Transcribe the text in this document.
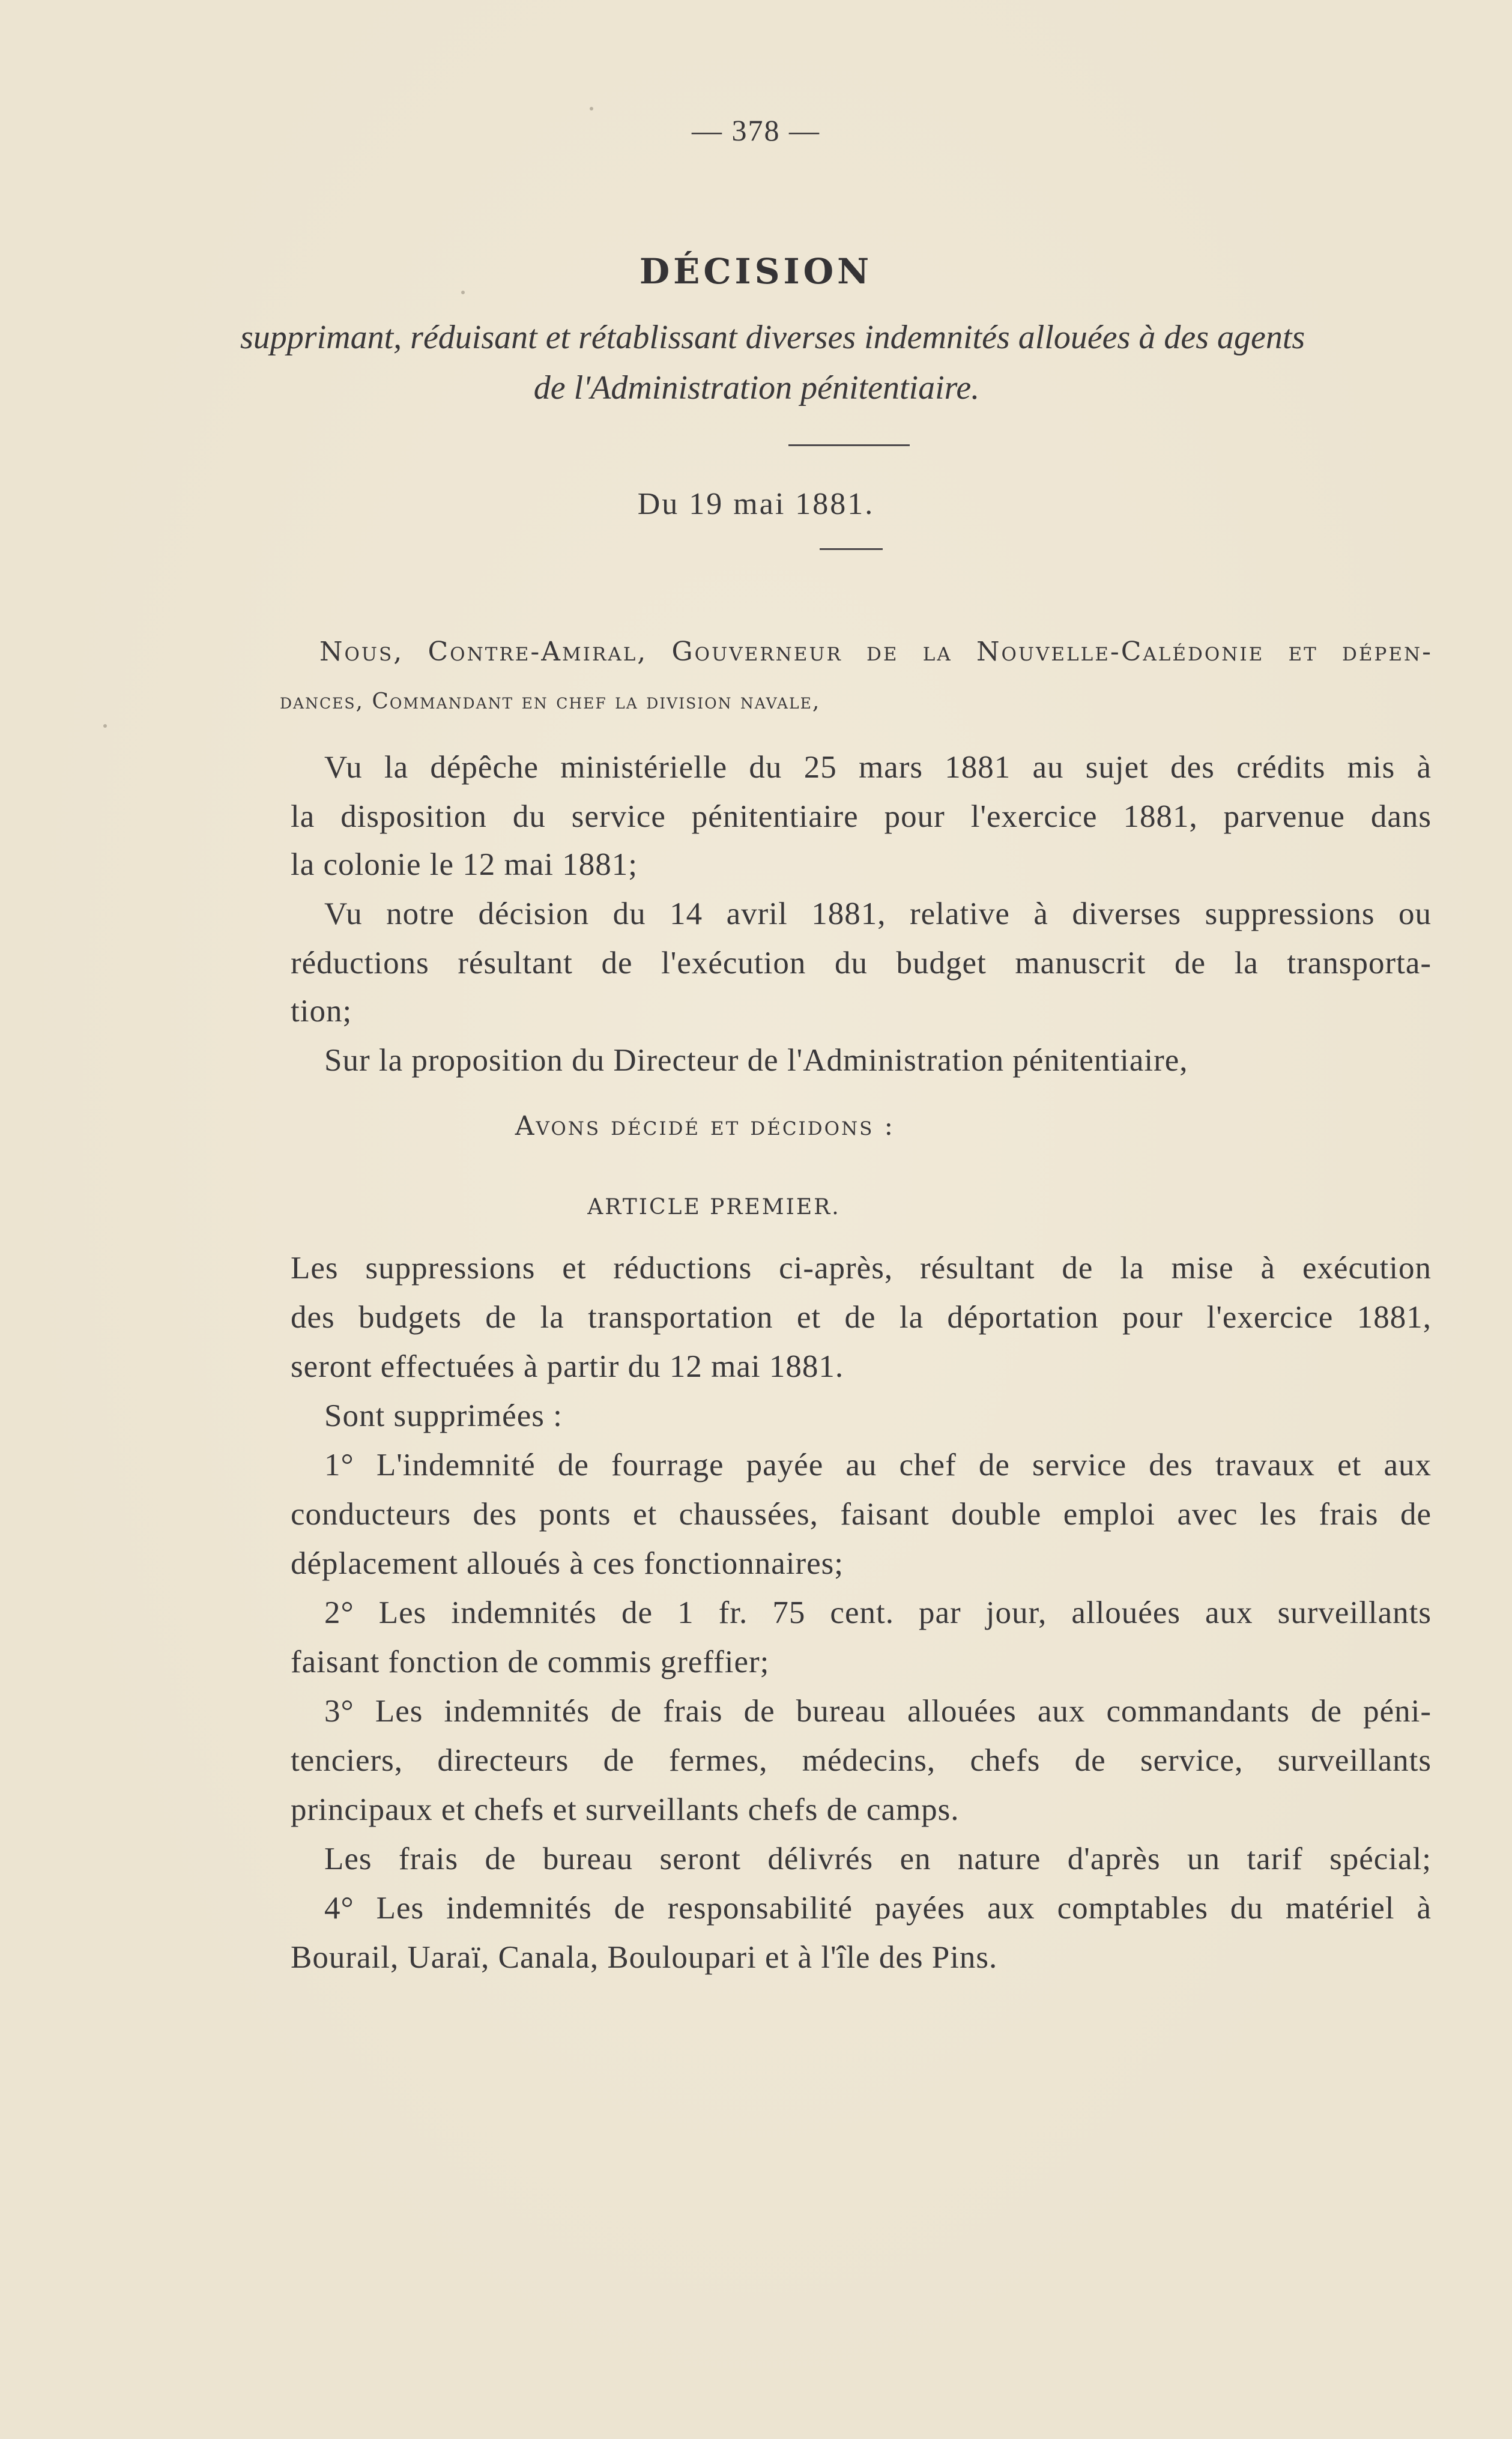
— 378 —
DÉCISION
supprimant, réduisant et rétablissant diverses indemnités allouées à des agents
de l'Administration pénitentiaire.
Du 19 mai 1881.
Nous, Contre-Amiral, Gouverneur de la Nouvelle-Calédonie et dépen-
dances, Commandant en chef la division navale,
Vu la dépêche ministérielle du 25 mars 1881 au sujet des crédits mis à
la disposition du service pénitentiaire pour l'exercice 1881, parvenue dans
la colonie le 12 mai 1881;
Vu notre décision du 14 avril 1881, relative à diverses suppressions ou
réductions résultant de l'exécution du budget manuscrit de la transporta-
tion;
Sur la proposition du Directeur de l'Administration pénitentiaire,
Avons décidé et décidons :
ARTICLE PREMIER.
Les suppressions et réductions ci-après, résultant de la mise à exécution
des budgets de la transportation et de la déportation pour l'exercice 1881,
seront effectuées à partir du 12 mai 1881.
Sont supprimées :
1° L'indemnité de fourrage payée au chef de service des travaux et aux
conducteurs des ponts et chaussées, faisant double emploi avec les frais de
déplacement alloués à ces fonctionnaires;
2° Les indemnités de 1 fr. 75 cent. par jour, allouées aux surveillants
faisant fonction de commis greffier;
3° Les indemnités de frais de bureau allouées aux commandants de péni-
tenciers, directeurs de fermes, médecins, chefs de service, surveillants
principaux et chefs et surveillants chefs de camps.
Les frais de bureau seront délivrés en nature d'après un tarif spécial;
4° Les indemnités de responsabilité payées aux comptables du matériel à
Bourail, Uaraï, Canala, Bouloupari et à l'île des Pins.
